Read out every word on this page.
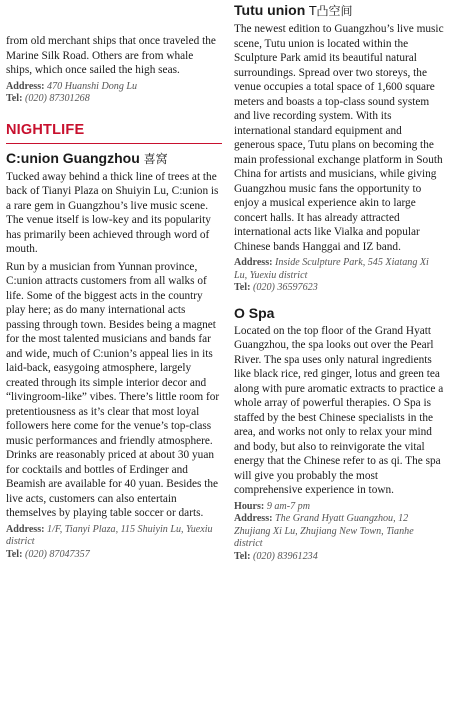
from old merchant ships that once traveled the Marine Silk Road. Others are from whale ships, which once sailed the high seas.

Address: 470 Huanshi Dong Lu
Tel: (020) 87301268
NIGHTLIFE
C:union Guangzhou 喜窝

Tucked away behind a thick line of trees at the back of Tianyi Plaza on Shuiyin Lu, C:union is a rare gem in Guangzhou’s live music scene. The venue itself is low-key and its popularity has primarily been achieved through word of mouth.

Run by a musician from Yunnan province, C:union attracts customers from all walks of life. Some of the biggest acts in the country play here; as do many international acts passing through town. Besides being a magnet for the most talented musicians and bands far and wide, much of C:union’s appeal lies in its laid-back, easygoing atmosphere, largely created through its simple interior decor and “livingroom-like” vibes. There’s little room for pretentiousness as it’s clear that most loyal followers here come for the venue’s top-class music performances and friendly atmosphere. Drinks are reasonably priced at about 30 yuan for cocktails and bottles of Erdinger and Beamish are available for 40 yuan. Besides the live acts, customers can also entertain themselves by playing table soccer or darts.

Address: 1/F, Tianyi Plaza, 115 Shuiyin Lu, Yuexiu district
Tel: (020) 87047357
Tutu union T凸空间

The newest edition to Guangzhou’s live music scene, Tutu union is located within the Sculpture Park amid its beautiful natural surroundings. Spread over two storeys, the venue occupies a total space of 1,600 square meters and boasts a top-class sound system and live recording system. With its international standard equipment and generous space, Tutu plans on becoming the main professional exchange platform in South China for artists and musicians, while giving Guangzhou music fans the opportunity to enjoy a musical experience akin to large concert halls. It has already attracted international acts like Vialka and popular Chinese bands Hanggai and IZ band.

Address: Inside Sculpture Park, 545 Xiatang Xi Lu, Yuexiu district
Tel: (020) 36597623
O Spa

Located on the top floor of the Grand Hyatt Guangzhou, the spa looks out over the Pearl River. The spa uses only natural ingredients like black rice, red ginger, lotus and green tea along with pure aromatic extracts to practice a whole array of powerful therapies. O Spa is staffed by the best Chinese specialists in the area, and works not only to relax your mind and body, but also to reinvigorate the vital energy that the Chinese refer to as qi. The spa will give you probably the most comprehensive experience in town.

Hours: 9 am-7 pm
Address: The Grand Hyatt Guangzhou, 12 Zhujiang Xi Lu, Zhujiang New Town, Tianhe district
Tel: (020) 83961234
